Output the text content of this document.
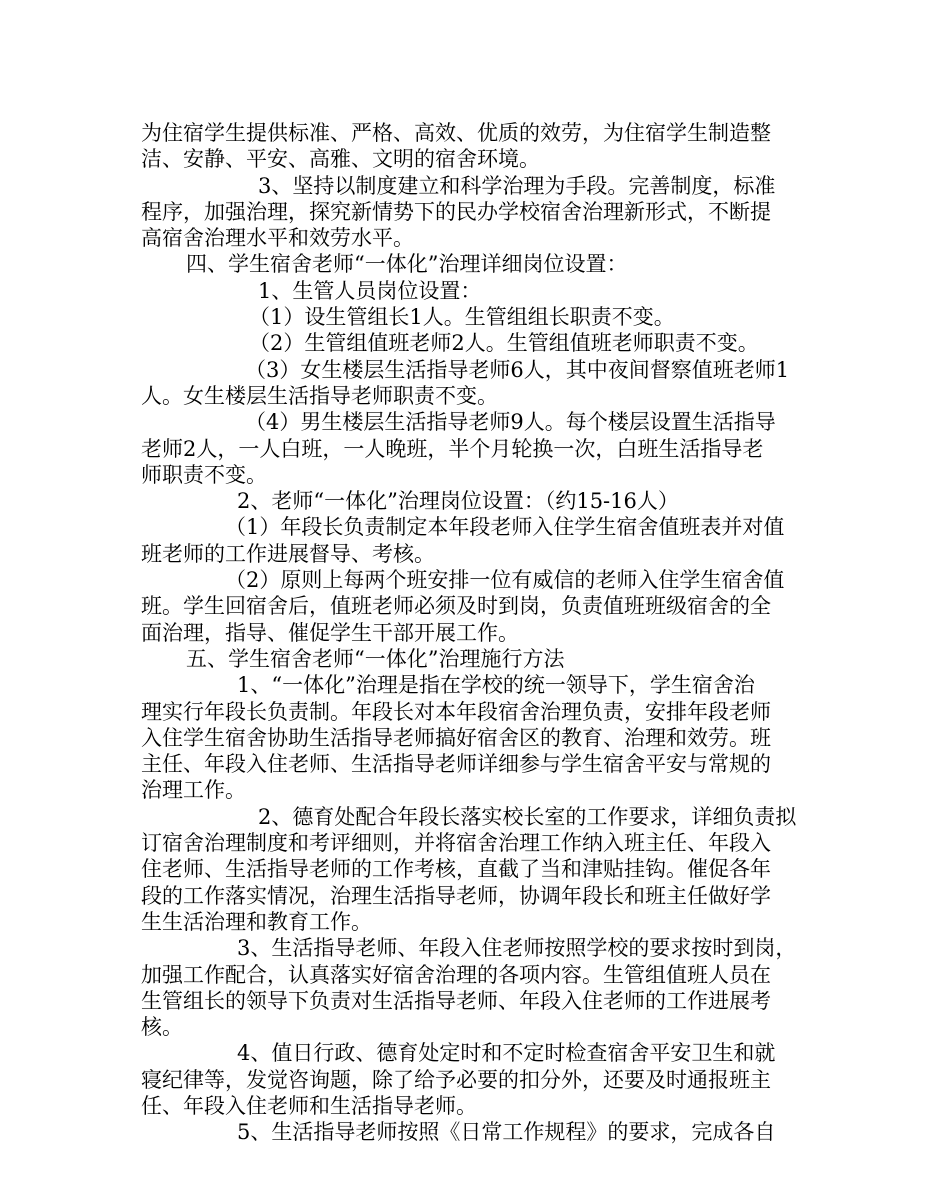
为住宿学生提供标准、严格、高效、优质的效劳，为住宿学生制造整
洁、安静、平安、高雅、文明的宿舍环境。
3、坚持以制度建立和科学治理为手段。完善制度，标准
程序，加强治理，探究新情势下的民办学校宿舍治理新形式，不断提
高宿舍治理水平和效劳水平。
四、学生宿舍老师“一体化”治理详细岗位设置：
1、生管人员岗位设置：
（1）设生管组长1人。生管组组长职责不变。
（2）生管组值班老师2人。生管组值班老师职责不变。
（3）女生楼层生活指导老师6人，其中夜间督察值班老师1
人。女生楼层生活指导老师职责不变。
（4）男生楼层生活指导老师9人。每个楼层设置生活指导
老师2人，一人白班，一人晚班，半个月轮换一次，白班生活指导老
师职责不变。
2、老师“一体化”治理岗位设置：（约15-16人）
（1）年段长负责制定本年段老师入住学生宿舍值班表并对值
班老师的工作进展督导、考核。
（2）原则上每两个班安排一位有威信的老师入住学生宿舍值
班。学生回宿舍后，值班老师必须及时到岗，负责值班班级宿舍的全
面治理，指导、催促学生干部开展工作。
五、学生宿舍老师“一体化”治理施行方法
1、“一体化”治理是指在学校的统一领导下，学生宿舍治
理实行年段长负责制。年段长对本年段宿舍治理负责，安排年段老师
入住学生宿舍协助生活指导老师搞好宿舍区的教育、治理和效劳。班
主任、年段入住老师、生活指导老师详细参与学生宿舍平安与常规的
治理工作。
2、德育处配合年段长落实校长室的工作要求，详细负责拟
订宿舍治理制度和考评细则，并将宿舍治理工作纳入班主任、年段入
住老师、生活指导老师的工作考核，直截了当和津贴挂钩。催促各年
段的工作落实情况，治理生活指导老师，协调年段长和班主任做好学
生生活治理和教育工作。
3、生活指导老师、年段入住老师按照学校的要求按时到岗，
加强工作配合，认真落实好宿舍治理的各项内容。生管组值班人员在
生管组长的领导下负责对生活指导老师、年段入住老师的工作进展考
核。
4、值日行政、德育处定时和不定时检查宿舍平安卫生和就
寝纪律等，发觉咨询题，除了给予必要的扣分外，还要及时通报班主
任、年段入住老师和生活指导老师。
5、生活指导老师按照《日常工作规程》的要求，完成各自
